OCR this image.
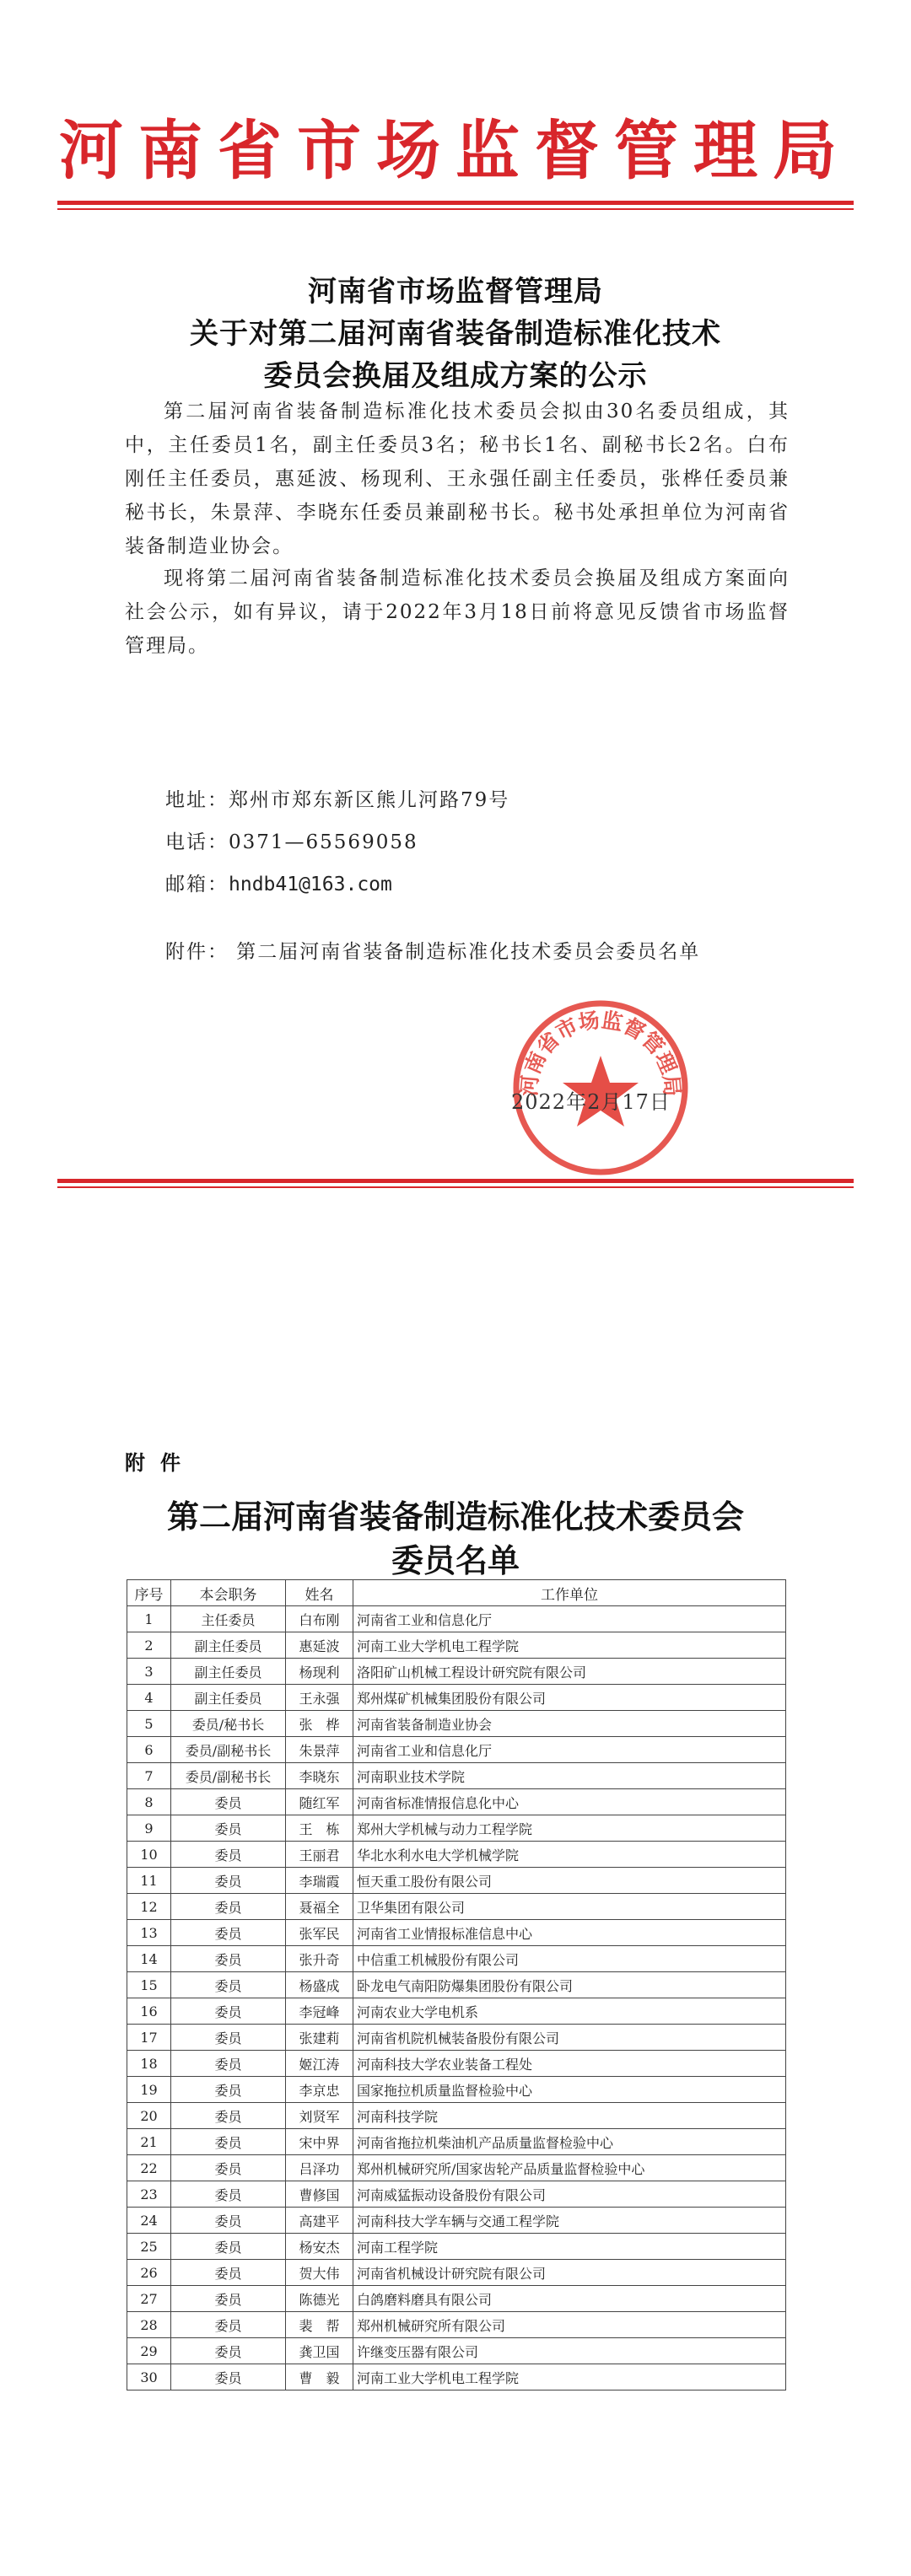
河南省市场监督管理局
河南省市场监督管理局
关于对第二届河南省装备制造标准化技术
委员会换届及组成方案的公示
第二届河南省装备制造标准化技术委员会拟由30名委员组成，其中，主任委员1名，副主任委员3名；秘书长1名、副秘书长2名。白布刚任主任委员，惠延波、杨现利、王永强任副主任委员，张桦任委员兼秘书长，朱景萍、李晓东任委员兼副秘书长。秘书处承担单位为河南省装备制造业协会。
现将第二届河南省装备制造标准化技术委员会换届及组成方案面向社会公示，如有异议，请于2022年3月18日前将意见反馈省市场监督管理局。
地址：郑州市郑东新区熊儿河路79号
电话：0371—65569058
邮箱：hndb41@163.com
附件： 第二届河南省装备制造标准化技术委员会委员名单
河南省市场监督管理局
2022年2月17日
附件
第二届河南省装备制造标准化技术委员会
委员名单
序号	本会职务	姓名	工作单位
1	主任委员	白布刚	河南省工业和信息化厅
2	副主任委员	惠延波	河南工业大学机电工程学院
3	副主任委员	杨现利	洛阳矿山机械工程设计研究院有限公司
4	副主任委员	王永强	郑州煤矿机械集团股份有限公司
5	委员/秘书长	张　桦	河南省装备制造业协会
6	委员/副秘书长	朱景萍	河南省工业和信息化厅
7	委员/副秘书长	李晓东	河南职业技术学院
8	委员	随红军	河南省标准情报信息化中心
9	委员	王　栋	郑州大学机械与动力工程学院
10	委员	王丽君	华北水利水电大学机械学院
11	委员	李瑞霞	恒天重工股份有限公司
12	委员	聂福全	卫华集团有限公司
13	委员	张军民	河南省工业情报标准信息中心
14	委员	张升奇	中信重工机械股份有限公司
15	委员	杨盛成	卧龙电气南阳防爆集团股份有限公司
16	委员	李冠峰	河南农业大学电机系
17	委员	张建莉	河南省机院机械装备股份有限公司
18	委员	姬江涛	河南科技大学农业装备工程处
19	委员	李京忠	国家拖拉机质量监督检验中心
20	委员	刘贤军	河南科技学院
21	委员	宋中界	河南省拖拉机柴油机产品质量监督检验中心
22	委员	吕泽功	郑州机械研究所/国家齿轮产品质量监督检验中心
23	委员	曹修国	河南威猛振动设备股份有限公司
24	委员	高建平	河南科技大学车辆与交通工程学院
25	委员	杨安杰	河南工程学院
26	委员	贺大伟	河南省机械设计研究院有限公司
27	委员	陈德光	白鸽磨料磨具有限公司
28	委员	裴　帮	郑州机械研究所有限公司
29	委员	龚卫国	许继变压器有限公司
30	委员	曹　毅	河南工业大学机电工程学院
